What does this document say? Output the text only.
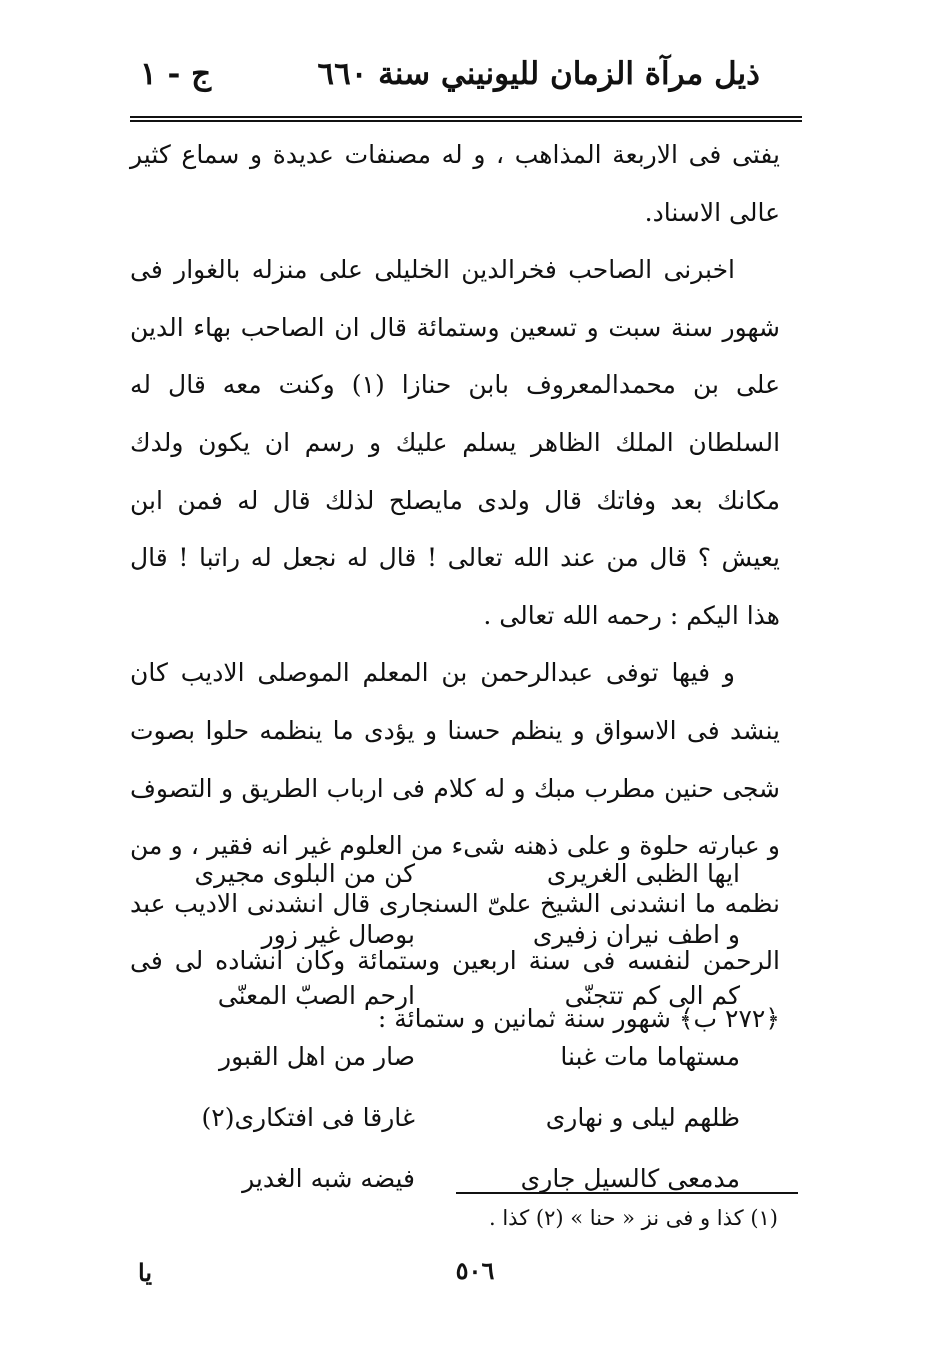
ذيل مرآة الزمان لليونيني سنة ٦٦٠
ج - ١

يفتى فى الاربعة المذاهب ، و له مصنفات عديدة و سماع كثير عالى الاسناد.

اخبرنى الصاحب فخرالدين الخليلى على منزله بالغوار فى شهور سنة سبت و تسعين وستمائة قال ان الصاحب بهاء الدين على بن محمدالمعروف بابن حنازا (١) وكنت معه قال له السلطان الملك الظاهر يسلم عليك و رسم ان يكون ولدك مكانك بعد وفاتك قال ولدى مايصلح لذلك قال له فمن ابن يعيش ؟ قال من عند الله تعالى ! قال له نجعل له راتبا ! قال هذا اليكم : رحمه الله تعالى .

و فيها توفى عبدالرحمن بن المعلم الموصلى الاديب كان ينشد فى الاسواق و ينظم حسنا و يؤدى ما ينظمه حلوا بصوت شجى حنين مطرب مبك و له كلام فى ارباب الطريق و التصوف و عبارته حلوة و على ذهنه شىء من العلوم غير انه فقير ، و من نظمه ما انشدنى الشيخ علىّ السنجارى قال انشدنى الاديب عبد الرحمن لنفسه فى سنة اربعين وستمائة وكان انشاده لى فى ﴿٢٧٢ ب﴾ شهور سنة ثمانين و ستمائة :

ايها الظبى الغريرى
كن من البلوى مجيرى
و اطف نيران زفيرى
بوصال غير زور
كم الى كم تتجنّى
ارحم الصبّ المعنّى
مستهاما مات غبنا
صار من اهل القبور
ظلهم ليلى و نهارى
غارقا فى افتكارى(٢)
مدمعى كالسيل جارى
فيضه شبه الغدير
(١) كذا و فى نز « حنا » (٢) كذا .
٥٠٦
يا
